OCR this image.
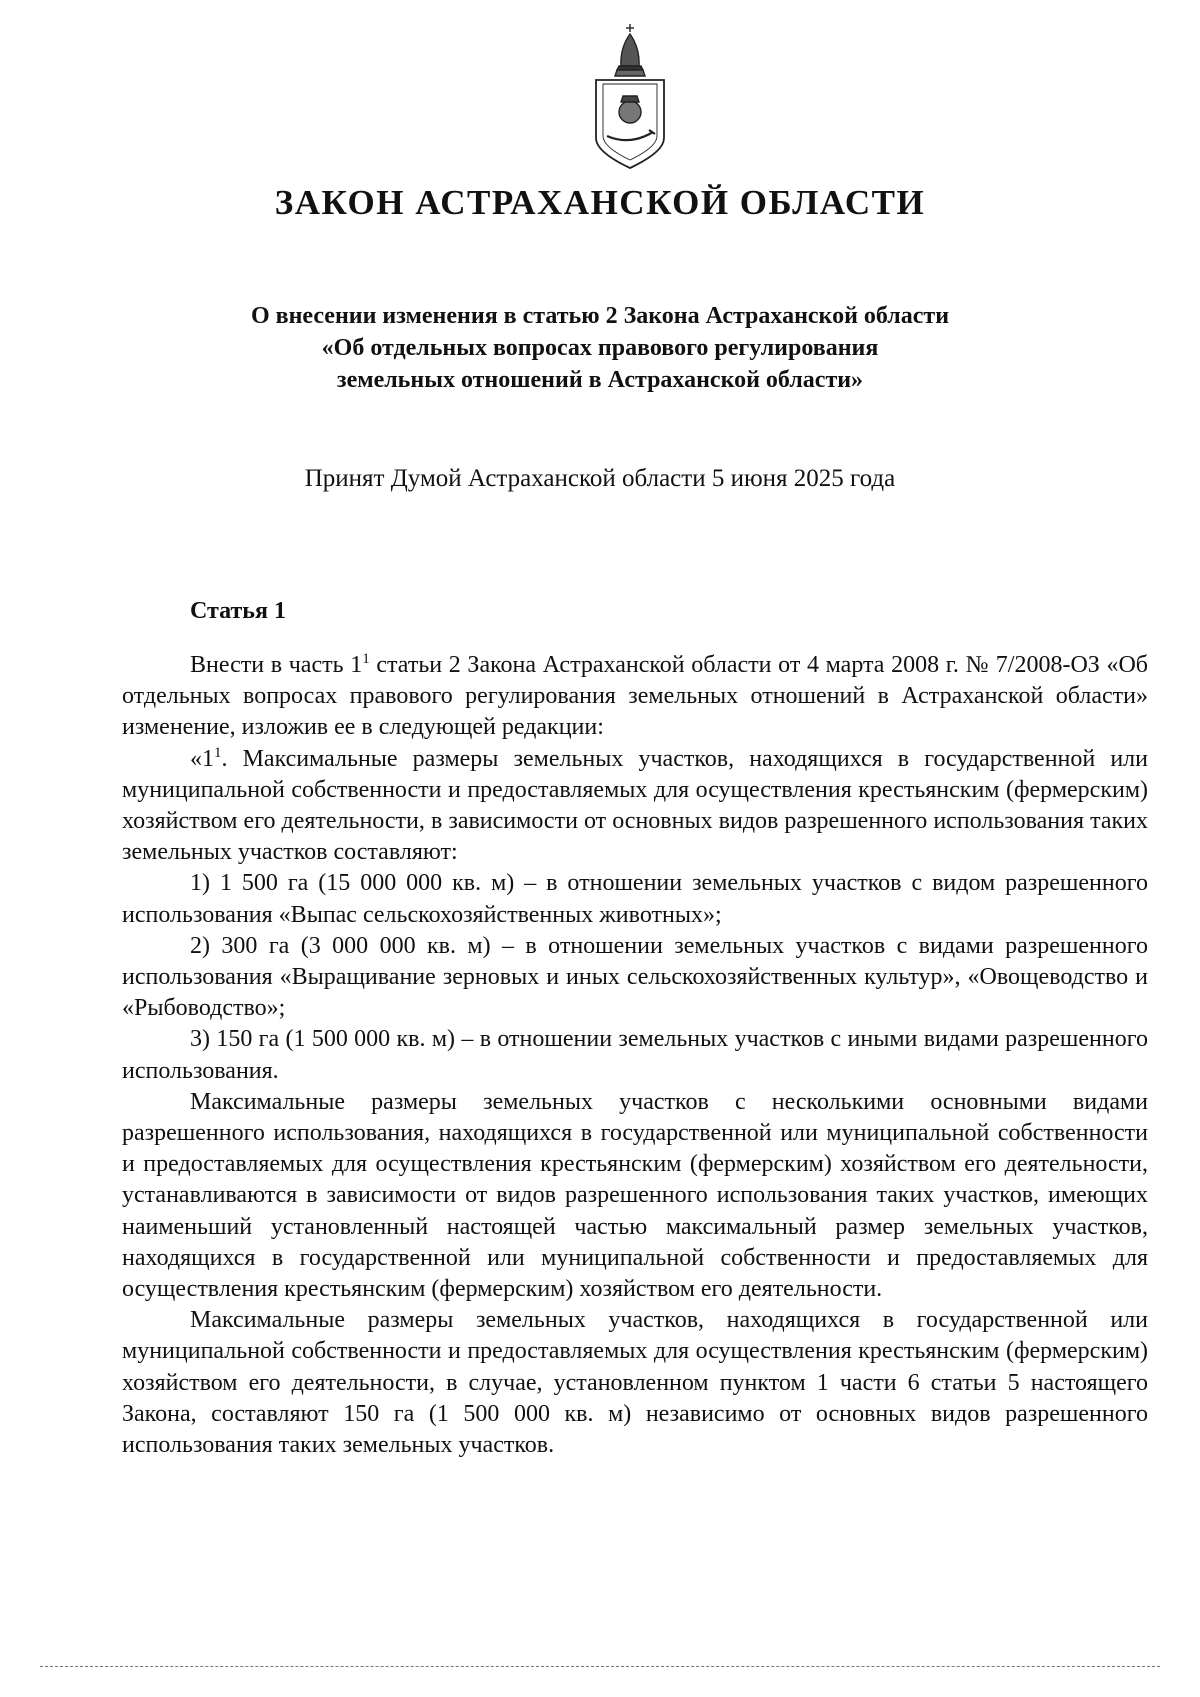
ЗАКОН АСТРАХАНСКОЙ ОБЛАСТИ
О внесении изменения в статью 2 Закона Астраханской области
«Об отдельных вопросах правового регулирования
земельных отношений в Астраханской области»

Принят Думой Астраханской области 5 июня 2025 года

Статья 1

Внести в часть $1^1$ статьи 2 Закона Астраханской области от 4 марта 2008 г. № 7/2008-ОЗ «Об отдельных вопросах правового регулирования земельных отношений в Астраханской области» изменение, изложив ее в следующей редакции:

«$1^1$. Максимальные размеры земельных участков, находящихся в государственной или муниципальной собственности и предоставляемых для осуществления крестьянским (фермерским) хозяйством его деятельности, в зависимости от основных видов разрешенного использования таких земельных участков составляют:

1) 1 500 га (15 000 000 кв. м) – в отношении земельных участков с видом разрешенного использования «Выпас сельскохозяйственных животных»;

2) 300 га (3 000 000 кв. м) – в отношении земельных участков с видами разрешенного использования «Выращивание зерновых и иных сельскохозяйственных культур», «Овощеводство и «Рыбоводство»;

3) 150 га (1 500 000 кв. м) – в отношении земельных участков с иными видами разрешенного использования.

Максимальные размеры земельных участков с несколькими основными видами разрешенного использования, находящихся в государственной или муниципальной собственности и предоставляемых для осуществления крестьянским (фермерским) хозяйством его деятельности, устанавливаются в зависимости от видов разрешенного использования таких участков, имеющих наименьший установленный настоящей частью максимальный размер земельных участков, находящихся в государственной или муниципальной собственности и предоставляемых для осуществления крестьянским (фермерским) хозяйством его деятельности.

Максимальные размеры земельных участков, находящихся в государственной или муниципальной собственности и предоставляемых для осуществления крестьянским (фермерским) хозяйством его деятельности, в случае, установленном пунктом 1 части 6 статьи 5 настоящего Закона, составляют 150 га (1 500 000 кв. м) независимо от основных видов разрешенного использования таких земельных участков.
